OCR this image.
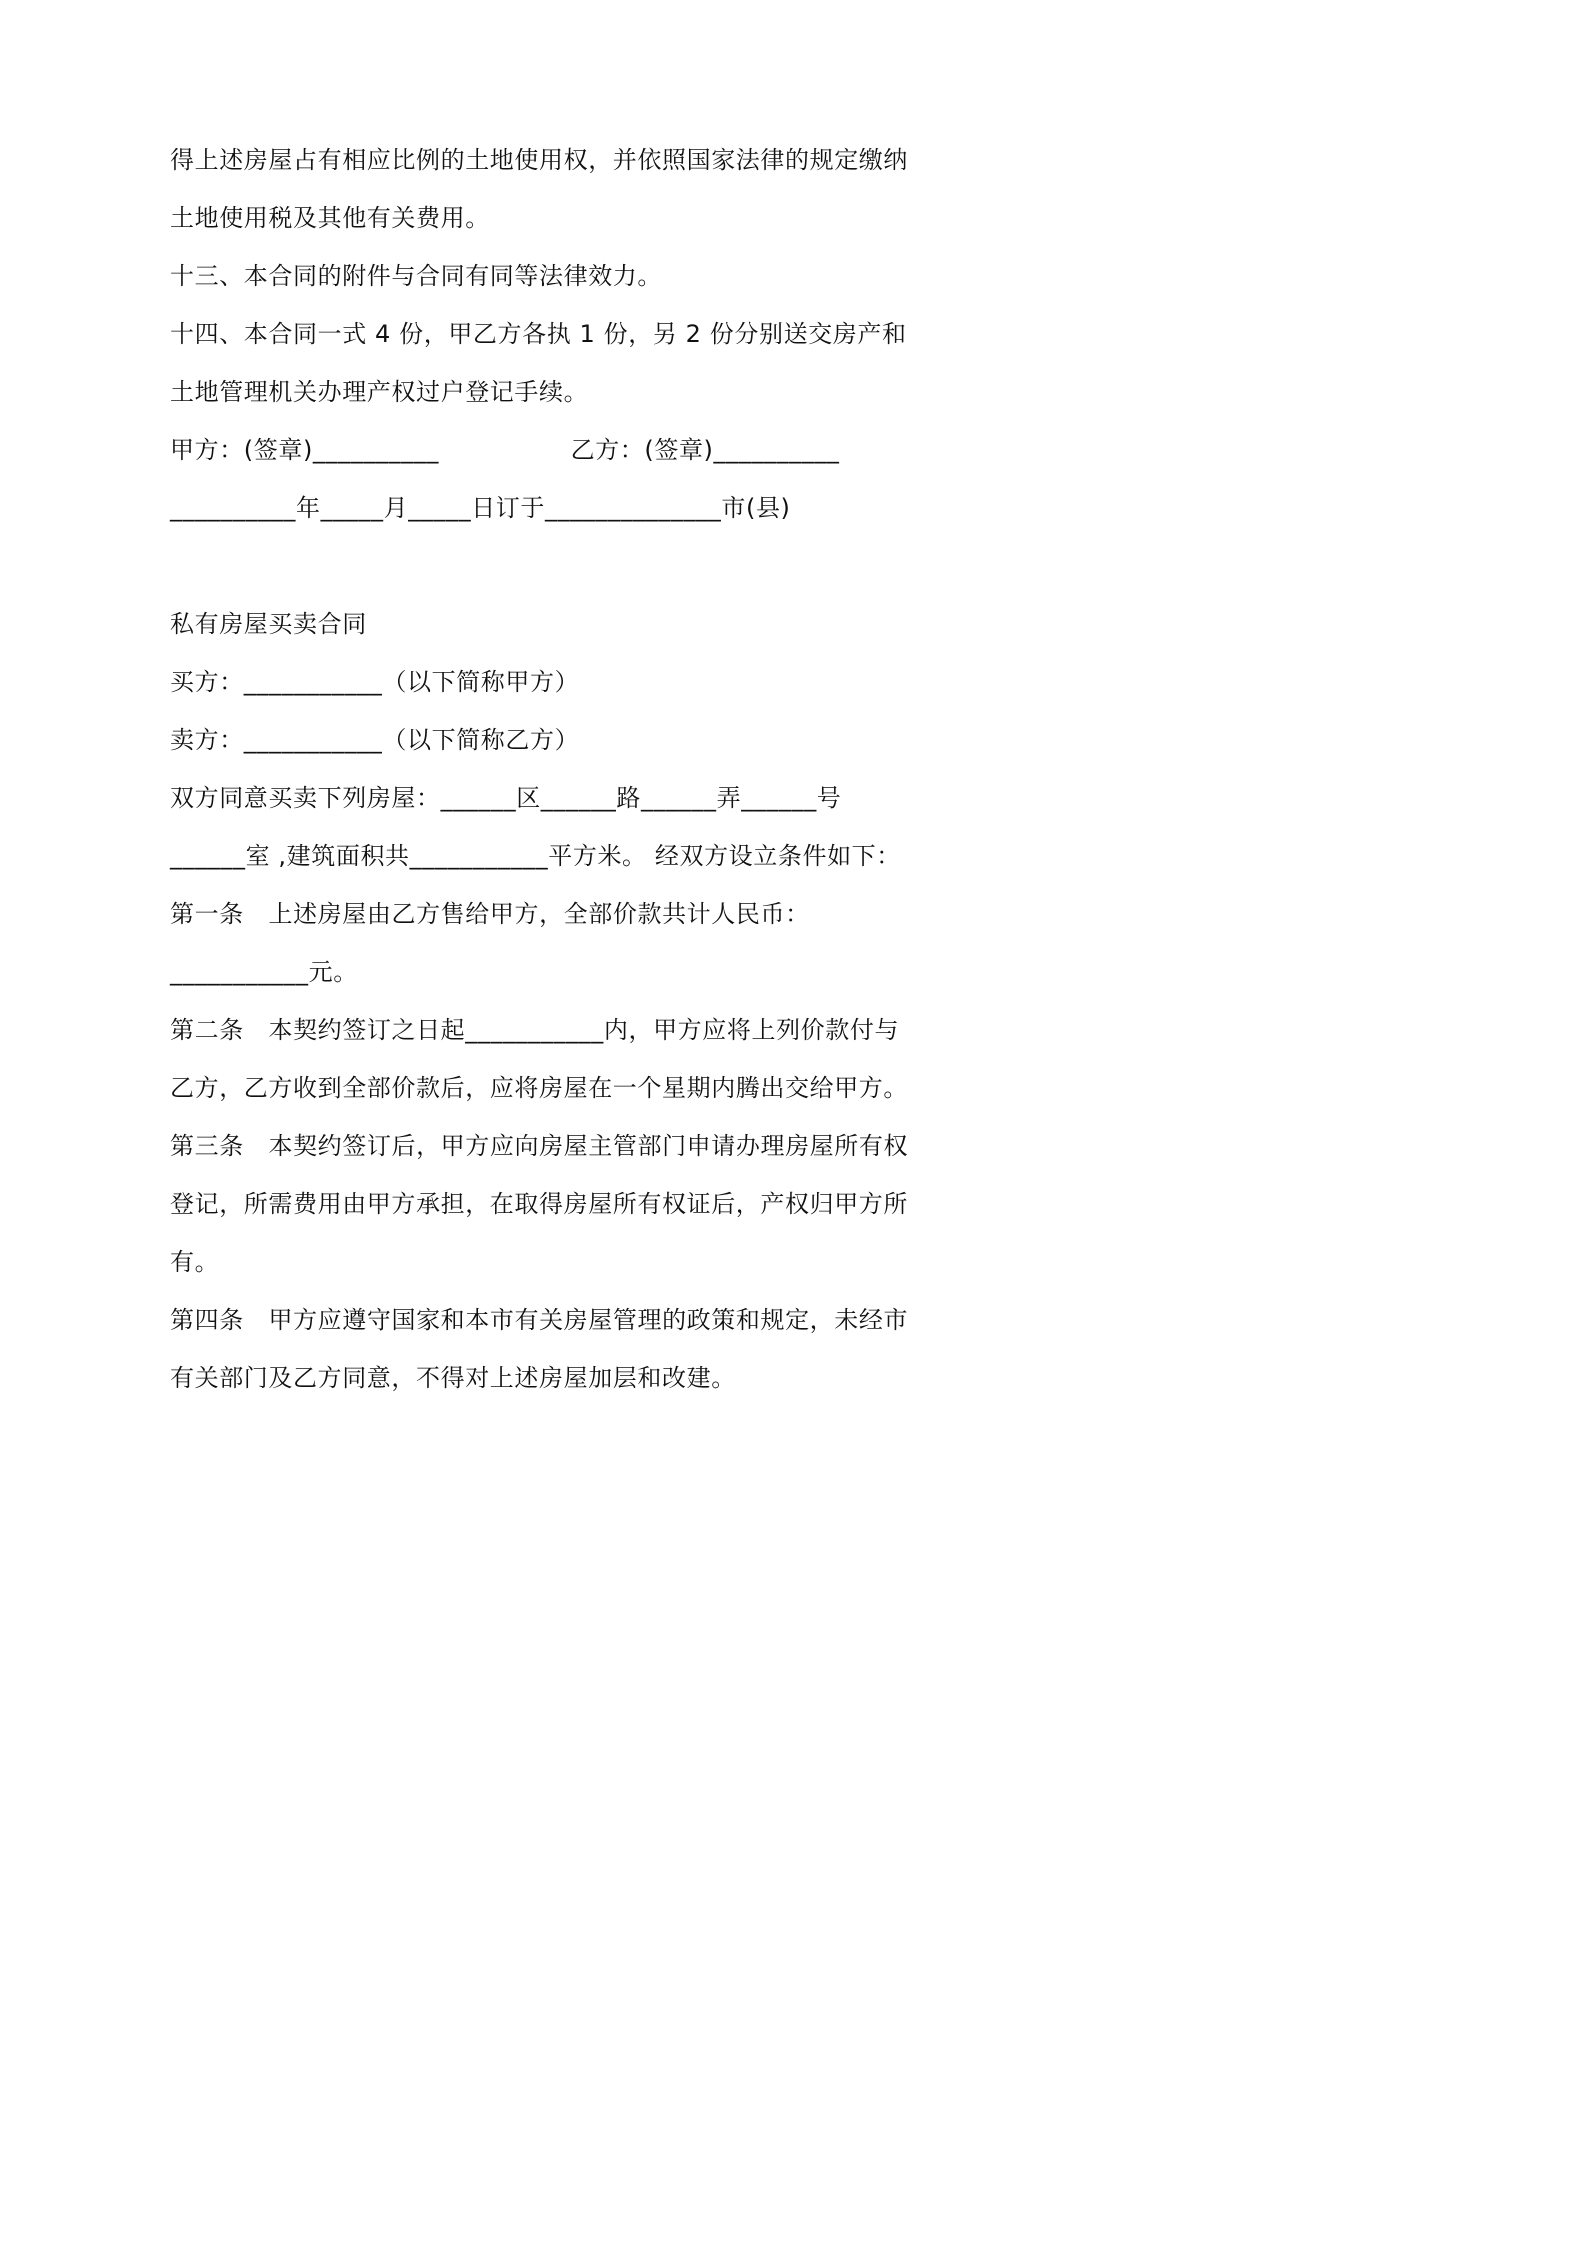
得上述房屋占有相应比例的土地使用权，并依照国家法律的规定缴纳
土地使用税及其他有关费用。
十三、本合同的附件与合同有同等法律效力。
十四、本合同一式 4 份，甲乙方各执 1 份，另 2 份分别送交房产和
土地管理机关办理产权过户登记手续。
甲方：(签章)__________                乙方：(签章)__________
__________年_____月_____日订于______________市(县)
私有房屋买卖合同
买方：___________（以下简称甲方）
卖方：___________（以下简称乙方）
双方同意买卖下列房屋：______区______路______弄______号
______室 ,建筑面积共___________平方米。 经双方设立条件如下：
第一条   上述房屋由乙方售给甲方，全部价款共计人民币：
___________元。
第二条   本契约签订之日起___________内，甲方应将上列价款付与
乙方，乙方收到全部价款后，应将房屋在一个星期内腾出交给甲方。
第三条   本契约签订后，甲方应向房屋主管部门申请办理房屋所有权
登记，所需费用由甲方承担，在取得房屋所有权证后，产权归甲方所
有。
第四条   甲方应遵守国家和本市有关房屋管理的政策和规定，未经市
有关部门及乙方同意，不得对上述房屋加层和改建。
